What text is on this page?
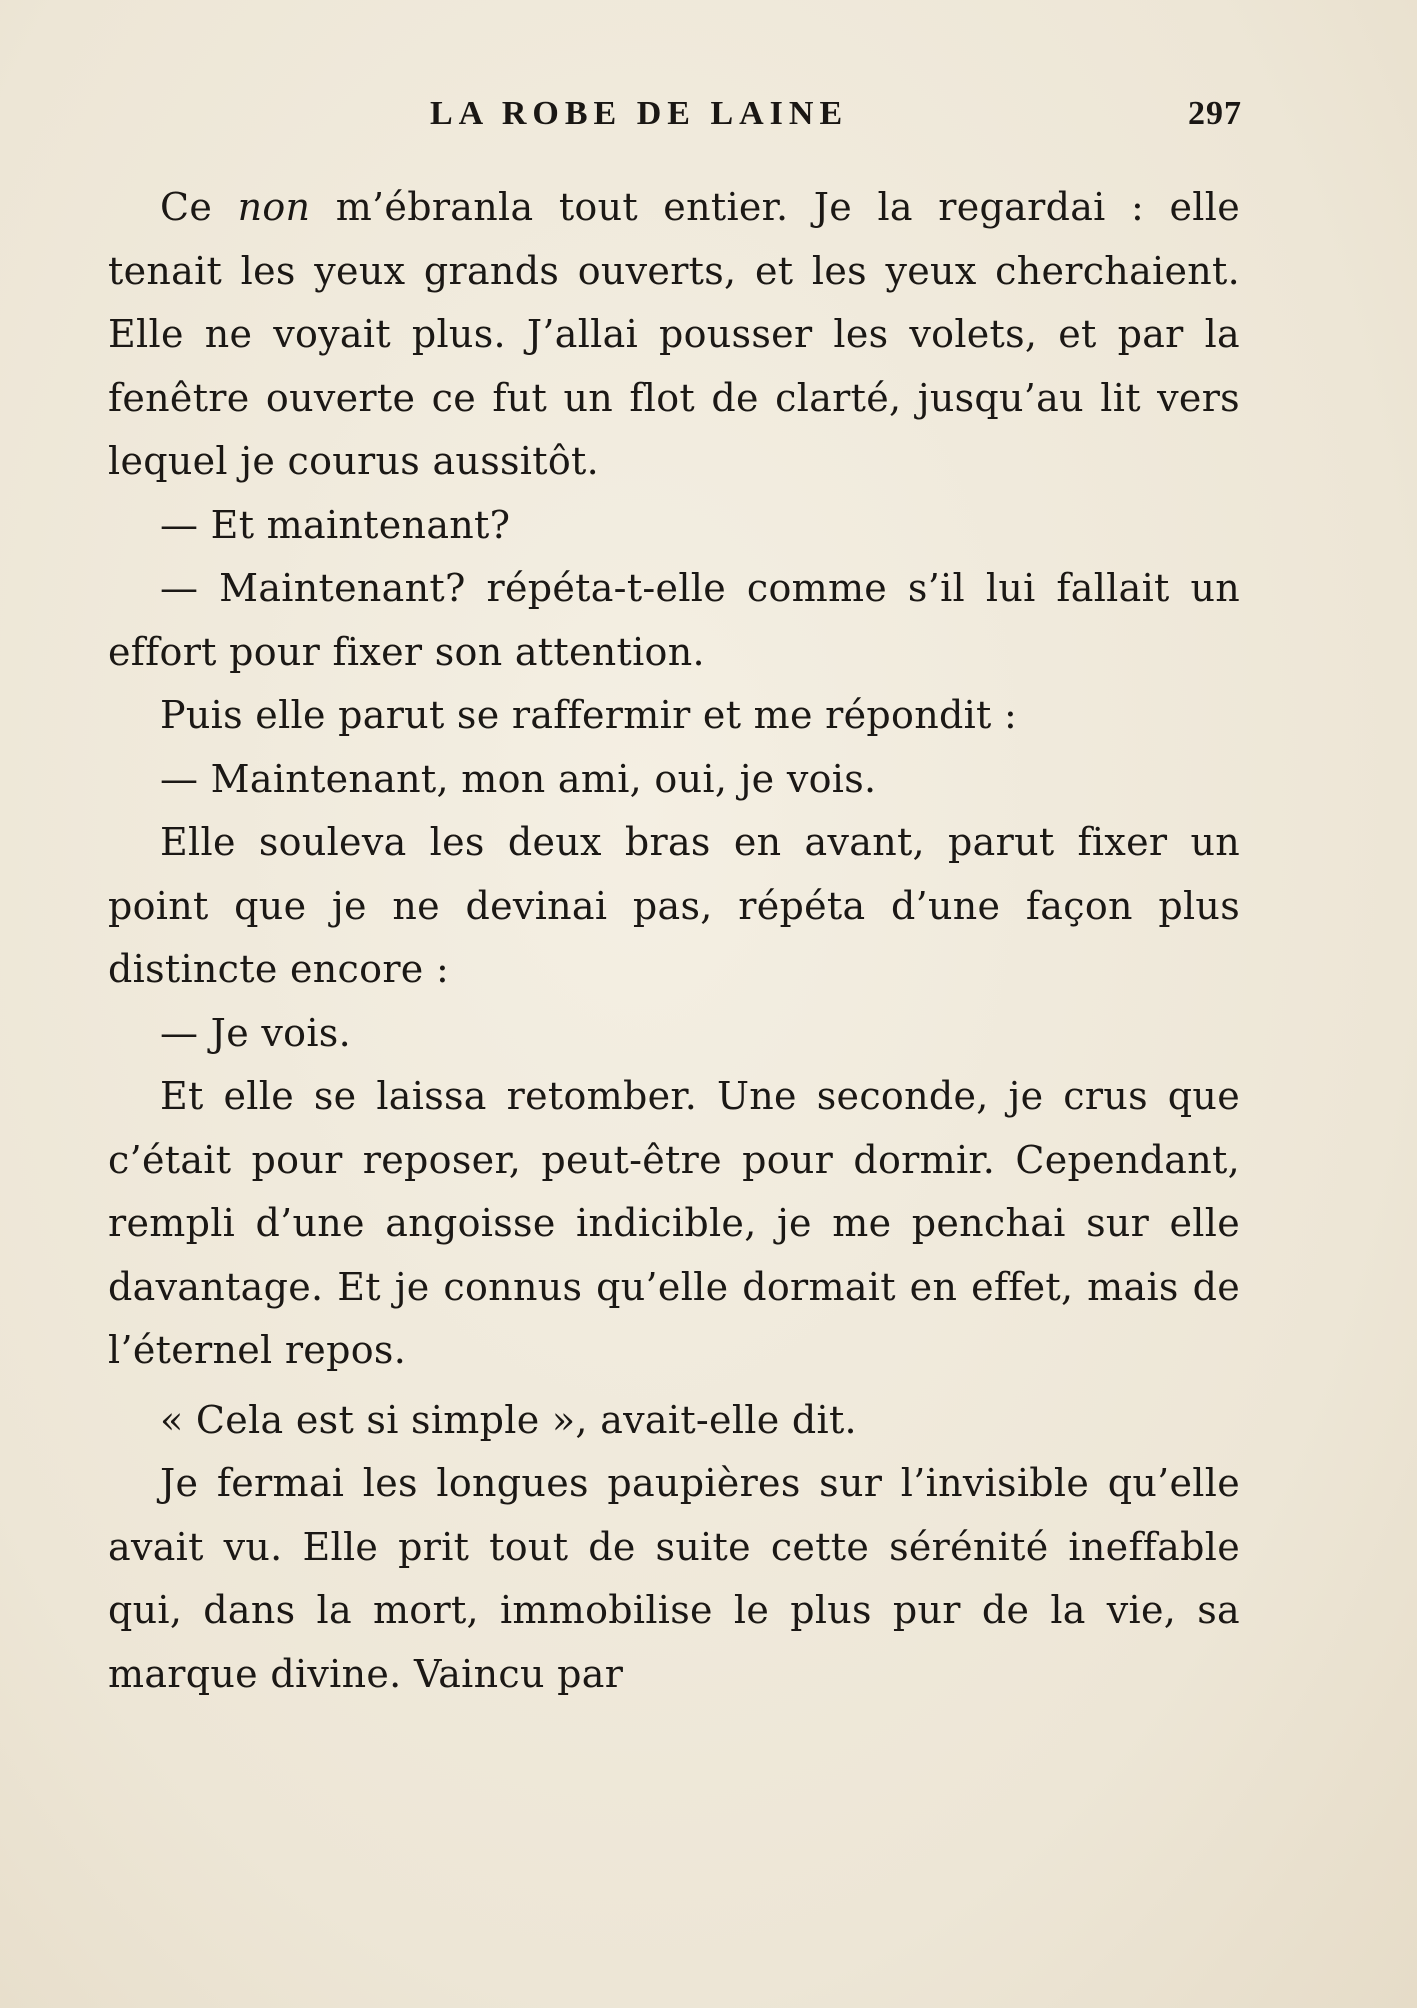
LA ROBE DE LAINE	297

Ce non m’ébranla tout entier. Je la regardai : elle tenait les yeux grands ouverts, et les yeux cherchaient. Elle ne voyait plus. J’allai pousser les volets, et par la fenêtre ouverte ce fut un flot de clarté, jusqu’au lit vers lequel je courus aussitôt.

— Et maintenant?

— Maintenant? répéta-t-elle comme s’il lui fallait un effort pour fixer son attention.

Puis elle parut se raffermir et me répondit :

— Maintenant, mon ami, oui, je vois.

Elle souleva les deux bras en avant, parut fixer un point que je ne devinai pas, répéta d’une façon plus distincte encore :

— Je vois.

Et elle se laissa retomber. Une seconde, je crus que c’était pour reposer, peut-être pour dormir. Cependant, rempli d’une angoisse indicible, je me penchai sur elle davantage. Et je connus qu’elle dormait en effet, mais de l’éternel repos.

« Cela est si simple », avait-elle dit.

Je fermai les longues paupières sur l’invisible qu’elle avait vu. Elle prit tout de suite cette sérénité ineffable qui, dans la mort, immobilise le plus pur de la vie, sa marque divine. Vaincu par
